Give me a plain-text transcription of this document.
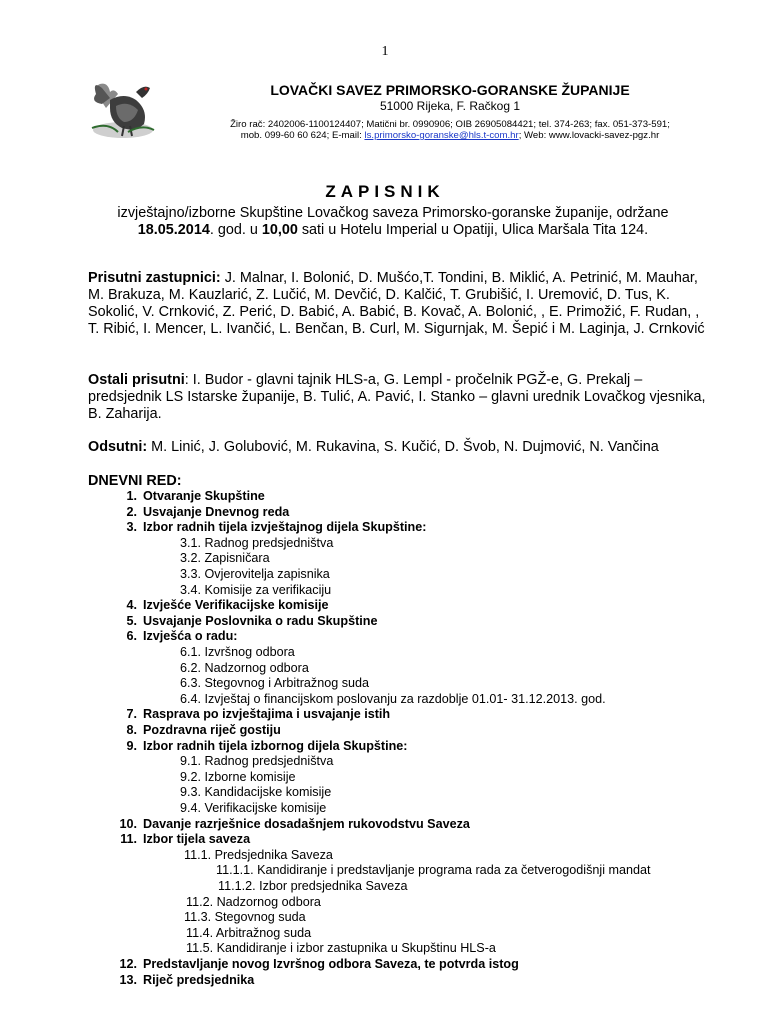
1
LOVAČKI SAVEZ PRIMORSKO-GORANSKE ŽUPANIJE
51000 Rijeka, F. Račkog 1
Žiro rač: 2402006-1100124407; Matični br. 0990906; OIB 26905084421; tel. 374-263; fax. 051-373-591;
mob. 099-60 60 624; E-mail: ls.primorsko-goranske@hls.t-com.hr; Web: www.lovacki-savez-pgz.hr
ZAPISNIK
izvještajno/izborne Skupštine Lovačkog saveza Primorsko-goranske županije, održane
18.05.2014. god. u 10,00 sati u Hotelu Imperial u Opatiji, Ulica Maršala Tita 124.
Prisutni zastupnici: J. Malnar, I. Bolonić, D. Mušćo,T. Tondini, B. Miklić, A. Petrinić, M. Mauhar, M. Brakuza, M. Kauzlarić, Z. Lučić, M. Devčić, D. Kalčić, T. Grubišić, I. Uremović, D. Tus, K. Sokolić, V. Crnković, Z. Perić, D. Babić, A. Babić, B. Kovač, A. Bolonić, , E. Primožić, F. Rudan, , T. Ribić, I. Mencer, L. Ivančić, L. Benčan, B. Curl, M. Sigurnjak, M. Šepić i M. Laginja, J. Crnković
Ostali prisutni: I. Budor - glavni tajnik HLS-a, G. Lempl - pročelnik PGŽ-e, G. Prekalj – predsjednik LS Istarske županije, B. Tulić, A. Pavić, I. Stanko – glavni urednik Lovačkog vjesnika, B. Zaharija.
Odsutni: M. Linić, J. Golubović, M. Rukavina, S. Kučić, D. Švob, N. Dujmović, N. Vančina
DNEVNI RED:
1. Otvaranje Skupštine
2. Usvajanje Dnevnog reda
3. Izbor radnih tijela izvještajnog dijela Skupštine:
3.1. Radnog predsjedništva
3.2. Zapisničara
3.3. Ovjerovitelja zapisnika
3.4. Komisije za verifikaciju
4. Izvješće Verifikacijske komisije
5. Usvajanje Poslovnika o radu Skupštine
6. Izvješća o radu:
6.1. Izvršnog odbora
6.2. Nadzornog odbora
6.3. Stegovnog i Arbitražnog suda
6.4. Izvještaj o financijskom poslovanju za razdoblje 01.01- 31.12.2013. god.
7. Rasprava po izvještajima i usvajanje istih
8. Pozdravna riječ gostiju
9. Izbor radnih tijela izbornog dijela Skupštine:
9.1. Radnog predsjedništva
9.2. Izborne komisije
9.3. Kandidacijske komisije
9.4. Verifikacijske komisije
10. Davanje razrješnice dosadašnjem rukovodstvu Saveza
11. Izbor tijela saveza
11.1. Predsjednika Saveza
11.1.1. Kandidiranje i predstavljanje programa rada za četverogodišnji mandat
11.1.2. Izbor predsjednika Saveza
11.2. Nadzornog odbora
11.3. Stegovnog suda
11.4. Arbitražnog suda
11.5. Kandidiranje i izbor zastupnika u Skupštinu HLS-a
12. Predstavljanje novog Izvršnog odbora Saveza, te potvrda istog
13. Riječ predsjednika
